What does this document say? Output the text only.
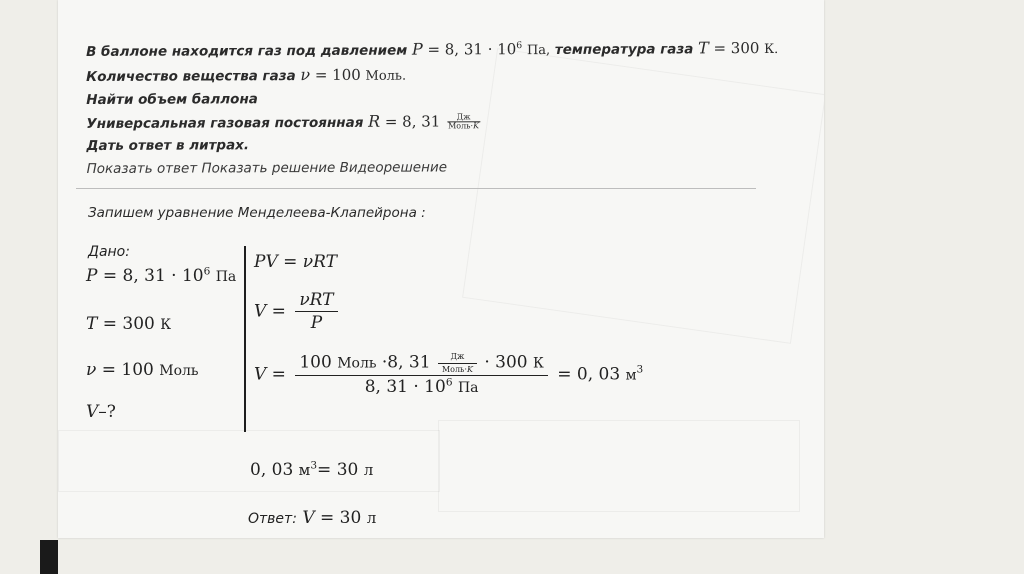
В баллоне находится газ под давлением P = 8, $31 \cdot 10^6$ Па, температура газа T = 300 К.
Количество вещества газа ν = 100 Моль.
Найти объем баллона
Универсальная газовая постоянная R = 8, $31 \frac{Дж}{\text{Моль·K}}$
Дать ответ в литрах.
Показать ответ Показать решение Видеорешение
Запишем уравнение Менделеева-Клапейрона :
Дано:
P = 8, $31 \cdot 10^6$ Па
T = 300 К
ν = 100 Моль
V–?
PV = νRT
V =
νRT
P
V =
100 Моль ·8, $31 \frac{Дж}{\text{Моль·K}} \cdot 300$ К
8, $31 \cdot 10^6$ Па
= 0, 03 $м^3$
0, 03 $м^3= 30$ л
Ответ: V = 30 л
